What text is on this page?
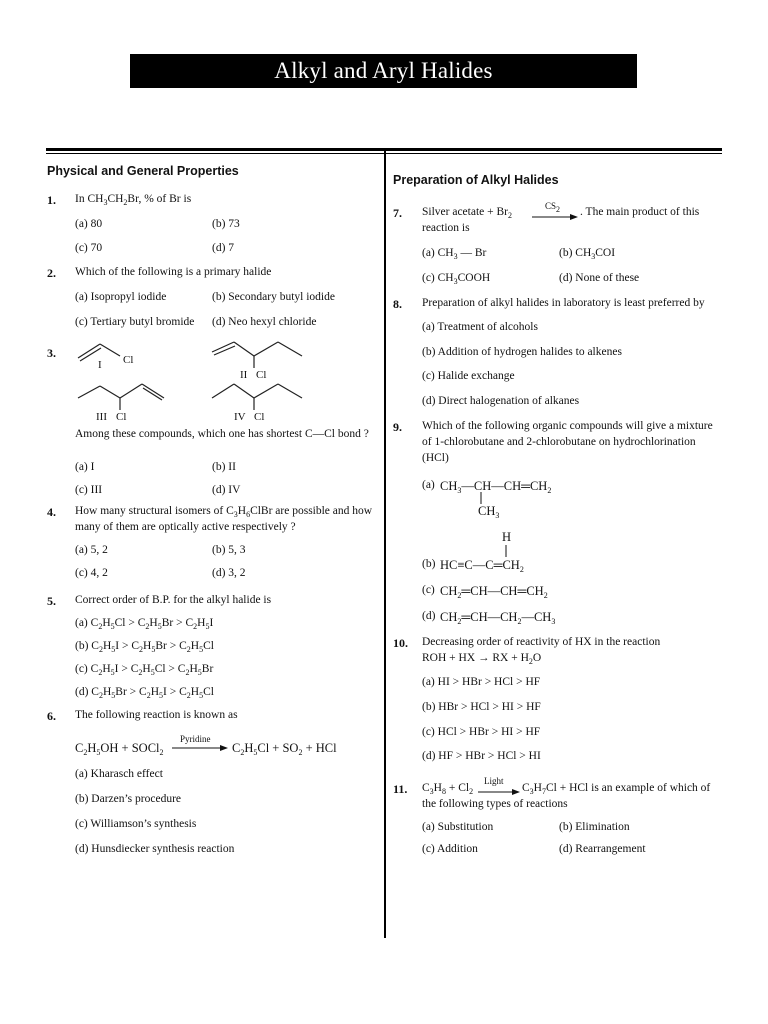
Alkyl and Aryl Halides
Physical and General Properties
1. In $CH_3CH_2Br$, % of Br is
(a) 80	(b) 73
(c) 70	(d) 7
2. Which of the following is a primary halide
(a) Isopropyl iodide	(b) Secondary butyl iodide
(c) Tertiary butyl bromide (d) Neo hexyl chloride
3.	Cl
I
II Cl
III Cl	IV Cl
Among these compounds, which one has shortest C—Cl bond ?
(a) I	(b) II
(c) III	(d) IV
4. How many structural isomers of $C_3H_6ClBr$ are possible and how many of them are optically active respectively ?
(a) 5, 2	(b) 5, 3
(c) 4, 2	(d) 3, 2
5. Correct order of B.P. for the alkyl halide is
(a) $C_2H_5Cl > C_2H_5Br > C_2H_5I$
(b) $C_2H_5I > C_2H_5Br > C_2H_5Cl$
(c) $C_2H_5I > C_2H_5Cl > C_2H_5Br$
(d) $C_2H_5Br > C_2H_5I > C_2H_5Cl$
6. The following reaction is known as
$C_2H_5OH$ + SOCl$_2$
Pyridine
$C_2H_5Cl + SO_2$ + HCl
(a) Kharasch effect
(b) Darzen’s procedure
(c) Williamson’s synthesis
(d) Hunsdiecker synthesis reaction
Preparation of Alkyl Halides
7. Silver acetate + $Br_2$
$CS_2$ → . The main product of this
reaction is
(a) $CH_3$ — Br	(b) $CH_3COI$
(c) $CH_3COOH$	(d) None of these
8. Preparation of alkyl halides in laboratory is least preferred by
(a) Treatment of alcohols
(b) Addition of hydrogen halides to alkenes
(c) Halide exchange
(d) Direct halogenation of alkanes
9. Which of the following organic compounds will give a mixture of 1-chlorobutane and 2-chlorobutane on hydrochlorination (HCl)
(a) $CH_3—CH—CH═CH_2$
$CH_3$
H
(b) $HC\equiv C—C═CH_2$
(c) $CH_2═CH—CH═CH_2$
(d) $CH_2═CH—CH_2—CH_3$
10. Decreasing order of reactivity of HX in the reaction
ROH + HX → RX + $H_2O$
(a) HI > HBr > HCl > HF
(b) HBr > HCl > HI > HF
(c) HCl > HBr > HI > HF
(d) HF > HBr > HCl > HI
11. $C_3H_8 + Cl_2$
Light
→ $C_3H_7Cl$ + HCl is an example of which of
the following types of reactions
(a) Substitution	(b) Elimination
(c) Addition	(d) Rearrangement
